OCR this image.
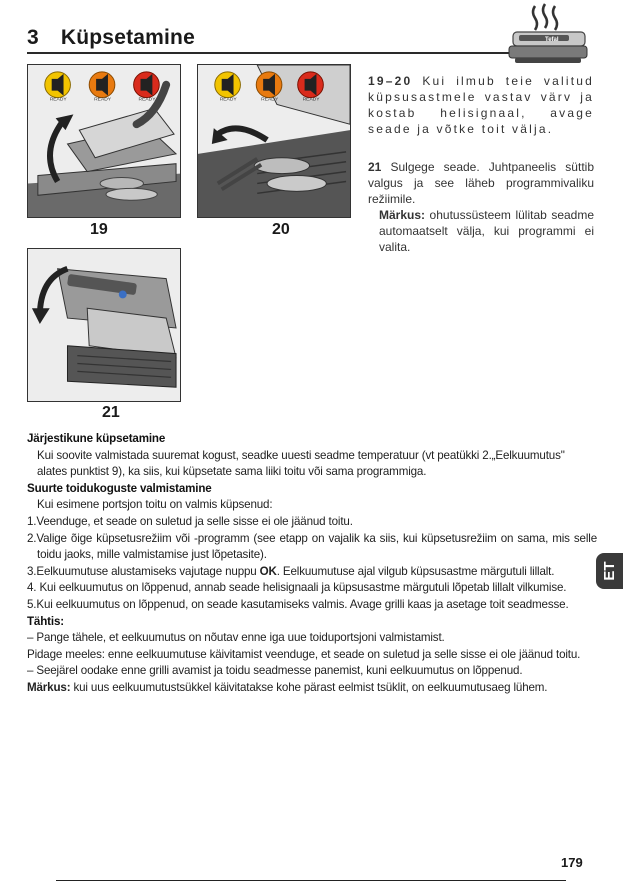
3 Küpsetamine	Tefal
READY	READY	READY
19
READY	READY	READY
20
21
19–20 Kui ilmub teie valitud küpsusastmele vastav värv ja kostab helisignaal, avage seade ja võtke toit välja.
21 Sulgege seade. Juhtpaneelis süttib valgus ja see läheb programmivaliku režiimile.
Märkus: ohutussüsteem lülitab seadme automaatselt välja, kui programmi ei valita.
Järjestikune küpsetamine
Kui soovite valmistada suuremat kogust, seadke uuesti seadme temperatuur (vt peatükki 2.„Eelkuumutus" alates punktist 9), ka siis, kui küpsetate sama liiki toitu või sama programmiga.
Suurte toidukoguste valmistamine
Kui esimene portsjon toitu on valmis küpsenud:
1.Veenduge, et seade on suletud ja selle sisse ei ole jäänud toitu.
2.Valige õige küpsetusrežiim või -programm (see etapp on vajalik ka siis, kui küpsetusrežiim on sama, mis selle toidu jaoks, mille valmistamise just lõpetasite).
3.Eelkuumutuse alustamiseks vajutage nuppu OK. Eelkuumutuse ajal vilgub küpsusastme märgutuli lillalt.
4. Kui eelkuumutus on lõppenud, annab seade helisignaali ja küpsusastme märgutuli lõpetab lillalt vilkumise.
5.Kui eelkuumutus on lõppenud, on seade kasutamiseks valmis. Avage grilli kaas ja asetage toit seadmesse.
Tähtis:
– Pange tähele, et eelkuumutus on nõutav enne iga uue toiduportsjoni valmistamist.
Pidage meeles: enne eelkuumutuse käivitamist veenduge, et seade on suletud ja selle sisse ei ole jäänud toitu.
– Seejärel oodake enne grilli avamist ja toidu seadmesse panemist, kuni eelkuumutus on lõppenud.
Märkus: kui uus eelkuumutustsükkel käivitatakse kohe pärast eelmist tsüklit, on eelkuumutusaeg lühem.
ET
179
